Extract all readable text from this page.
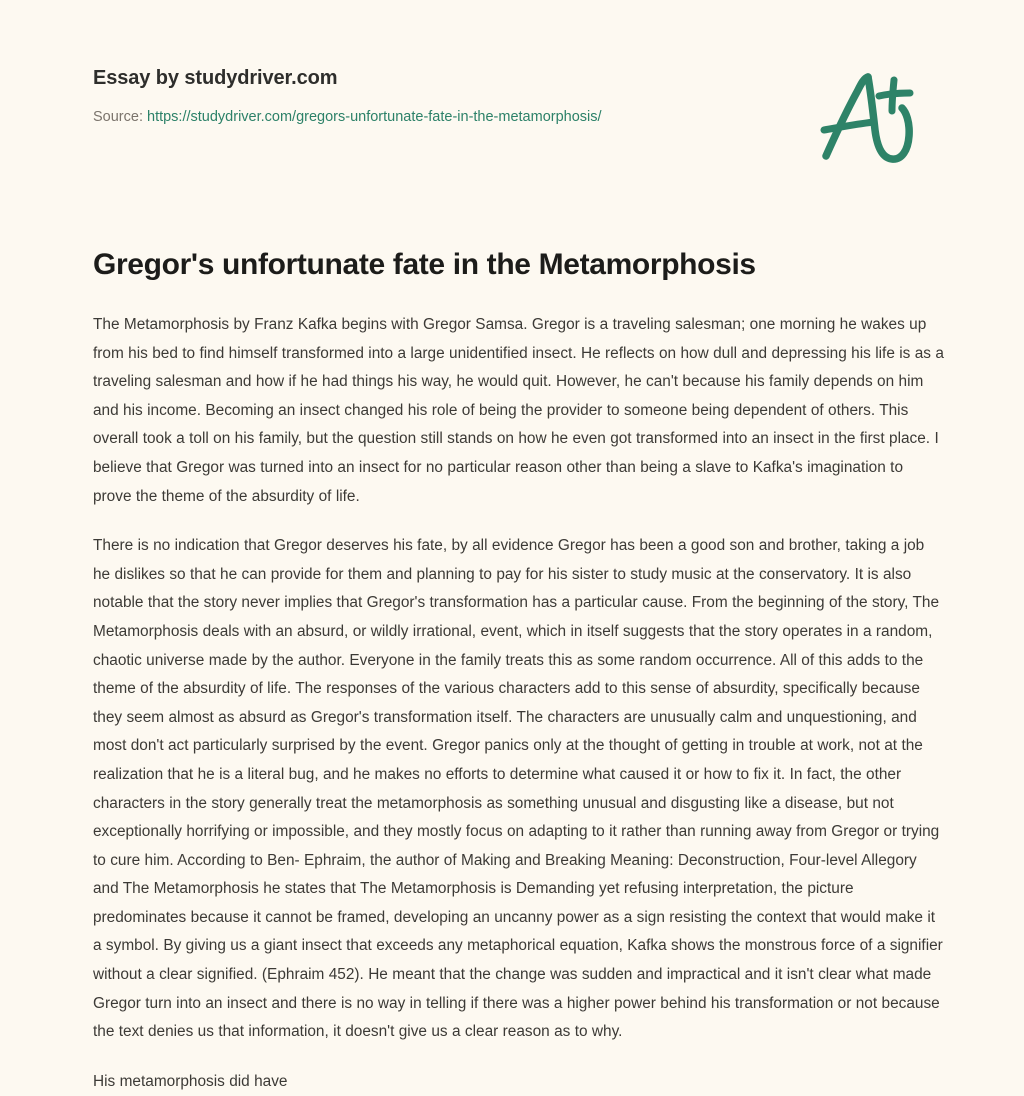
Essay by studydriver.com
Source: https://studydriver.com/gregors-unfortunate-fate-in-the-metamorphosis/
Gregor's unfortunate fate in the Metamorphosis

The Metamorphosis by Franz Kafka begins with Gregor Samsa. Gregor is a traveling salesman; one morning he wakes up from his bed to find himself transformed into a large unidentified insect. He reflects on how dull and depressing his life is as a traveling salesman and how if he had things his way, he would quit. However, he can't because his family depends on him and his income. Becoming an insect changed his role of being the provider to someone being dependent of others. This overall took a toll on his family, but the question still stands on how he even got transformed into an insect in the first place. I believe that Gregor was turned into an insect for no particular reason other than being a slave to Kafka's imagination to prove the theme of the absurdity of life.

There is no indication that Gregor deserves his fate, by all evidence Gregor has been a good son and brother, taking a job he dislikes so that he can provide for them and planning to pay for his sister to study music at the conservatory. It is also notable that the story never implies that Gregor's transformation has a particular cause. From the beginning of the story, The Metamorphosis deals with an absurd, or wildly irrational, event, which in itself suggests that the story operates in a random, chaotic universe made by the author. Everyone in the family treats this as some random occurrence. All of this adds to the theme of the absurdity of life. The responses of the various characters add to this sense of absurdity, specifically because they seem almost as absurd as Gregor's transformation itself. The characters are unusually calm and unquestioning, and most don't act particularly surprised by the event. Gregor panics only at the thought of getting in trouble at work, not at the realization that he is a literal bug, and he makes no efforts to determine what caused it or how to fix it. In fact, the other characters in the story generally treat the metamorphosis as something unusual and disgusting like a disease, but not exceptionally horrifying or impossible, and they mostly focus on adapting to it rather than running away from Gregor or trying to cure him. According to Ben- Ephraim, the author of Making and Breaking Meaning: Deconstruction, Four-level Allegory and The Metamorphosis he states that The Metamorphosis is Demanding yet refusing interpretation, the picture predominates because it cannot be framed, developing an uncanny power as a sign resisting the context that would make it a symbol. By giving us a giant insect that exceeds any metaphorical equation, Kafka shows the monstrous force of a signifier without a clear signified. (Ephraim 452). He meant that the change was sudden and impractical and it isn't clear what made Gregor turn into an insect and there is no way in telling if there was a higher power behind his transformation or not because the text denies us that information, it doesn't give us a clear reason as to why.

His metamorphosis did have
